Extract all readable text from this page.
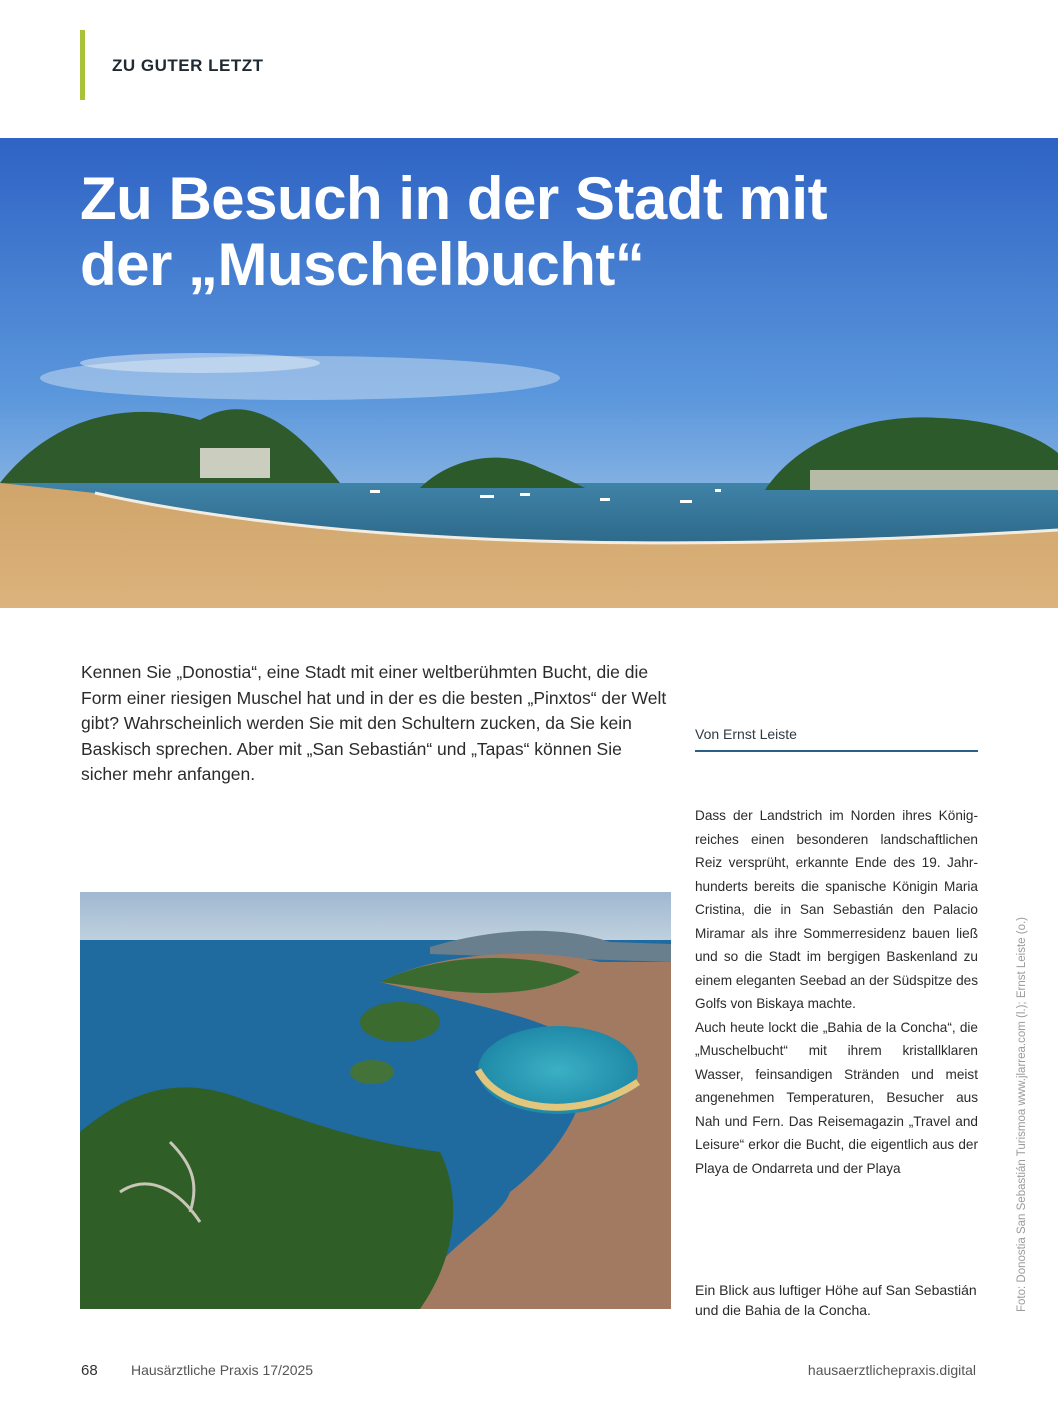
ZU GUTER LETZT
Zu Besuch in der Stadt mit
der „Muschelbucht“

Kennen Sie „Donostia“, eine Stadt mit einer weltberühmten Bucht, die die Form einer riesigen Muschel hat und in der es die besten „Pinxtos“ der Welt gibt? Wahrscheinlich werden Sie mit den Schultern zucken, da Sie kein Baskisch sprechen. Aber mit „San Sebastián“ und „Tapas“ können Sie sicher mehr anfangen.

Von Ernst Leiste

Dass der Landstrich im Norden ihres Königreiches einen besonderen landschaftlichen Reiz versprüht, erkannte Ende des 19. Jahrhunderts bereits die spanische Königin Maria Cristina, die in San Sebastián den Palacio Miramar als ihre Sommerresidenz bauen ließ und so die Stadt im bergigen Baskenland zu einem eleganten Seebad an der Südspitze des Golfs von Biskaya machte.

Auch heute lockt die „Bahia de la Concha“, die „Muschelbucht“ mit ihrem kristallklaren Wasser, feinsandigen Stränden und meist angenehmen Temperaturen, Besucher aus Nah und Fern. Das Reisemagazin „Travel and Leisure“ erkor die Bucht, die eigentlich aus der Playa de Ondarreta und der Playa

Ein Blick aus luftiger Höhe auf San Sebastián und die Bahia de la Concha.	Foto: Donostia San Sebastián Turismoa www.jlarrea.com (l.); Ernst Leiste (o.)
68 Hausärztliche Praxis 17/2025	hausaerztlichepraxis.digital
